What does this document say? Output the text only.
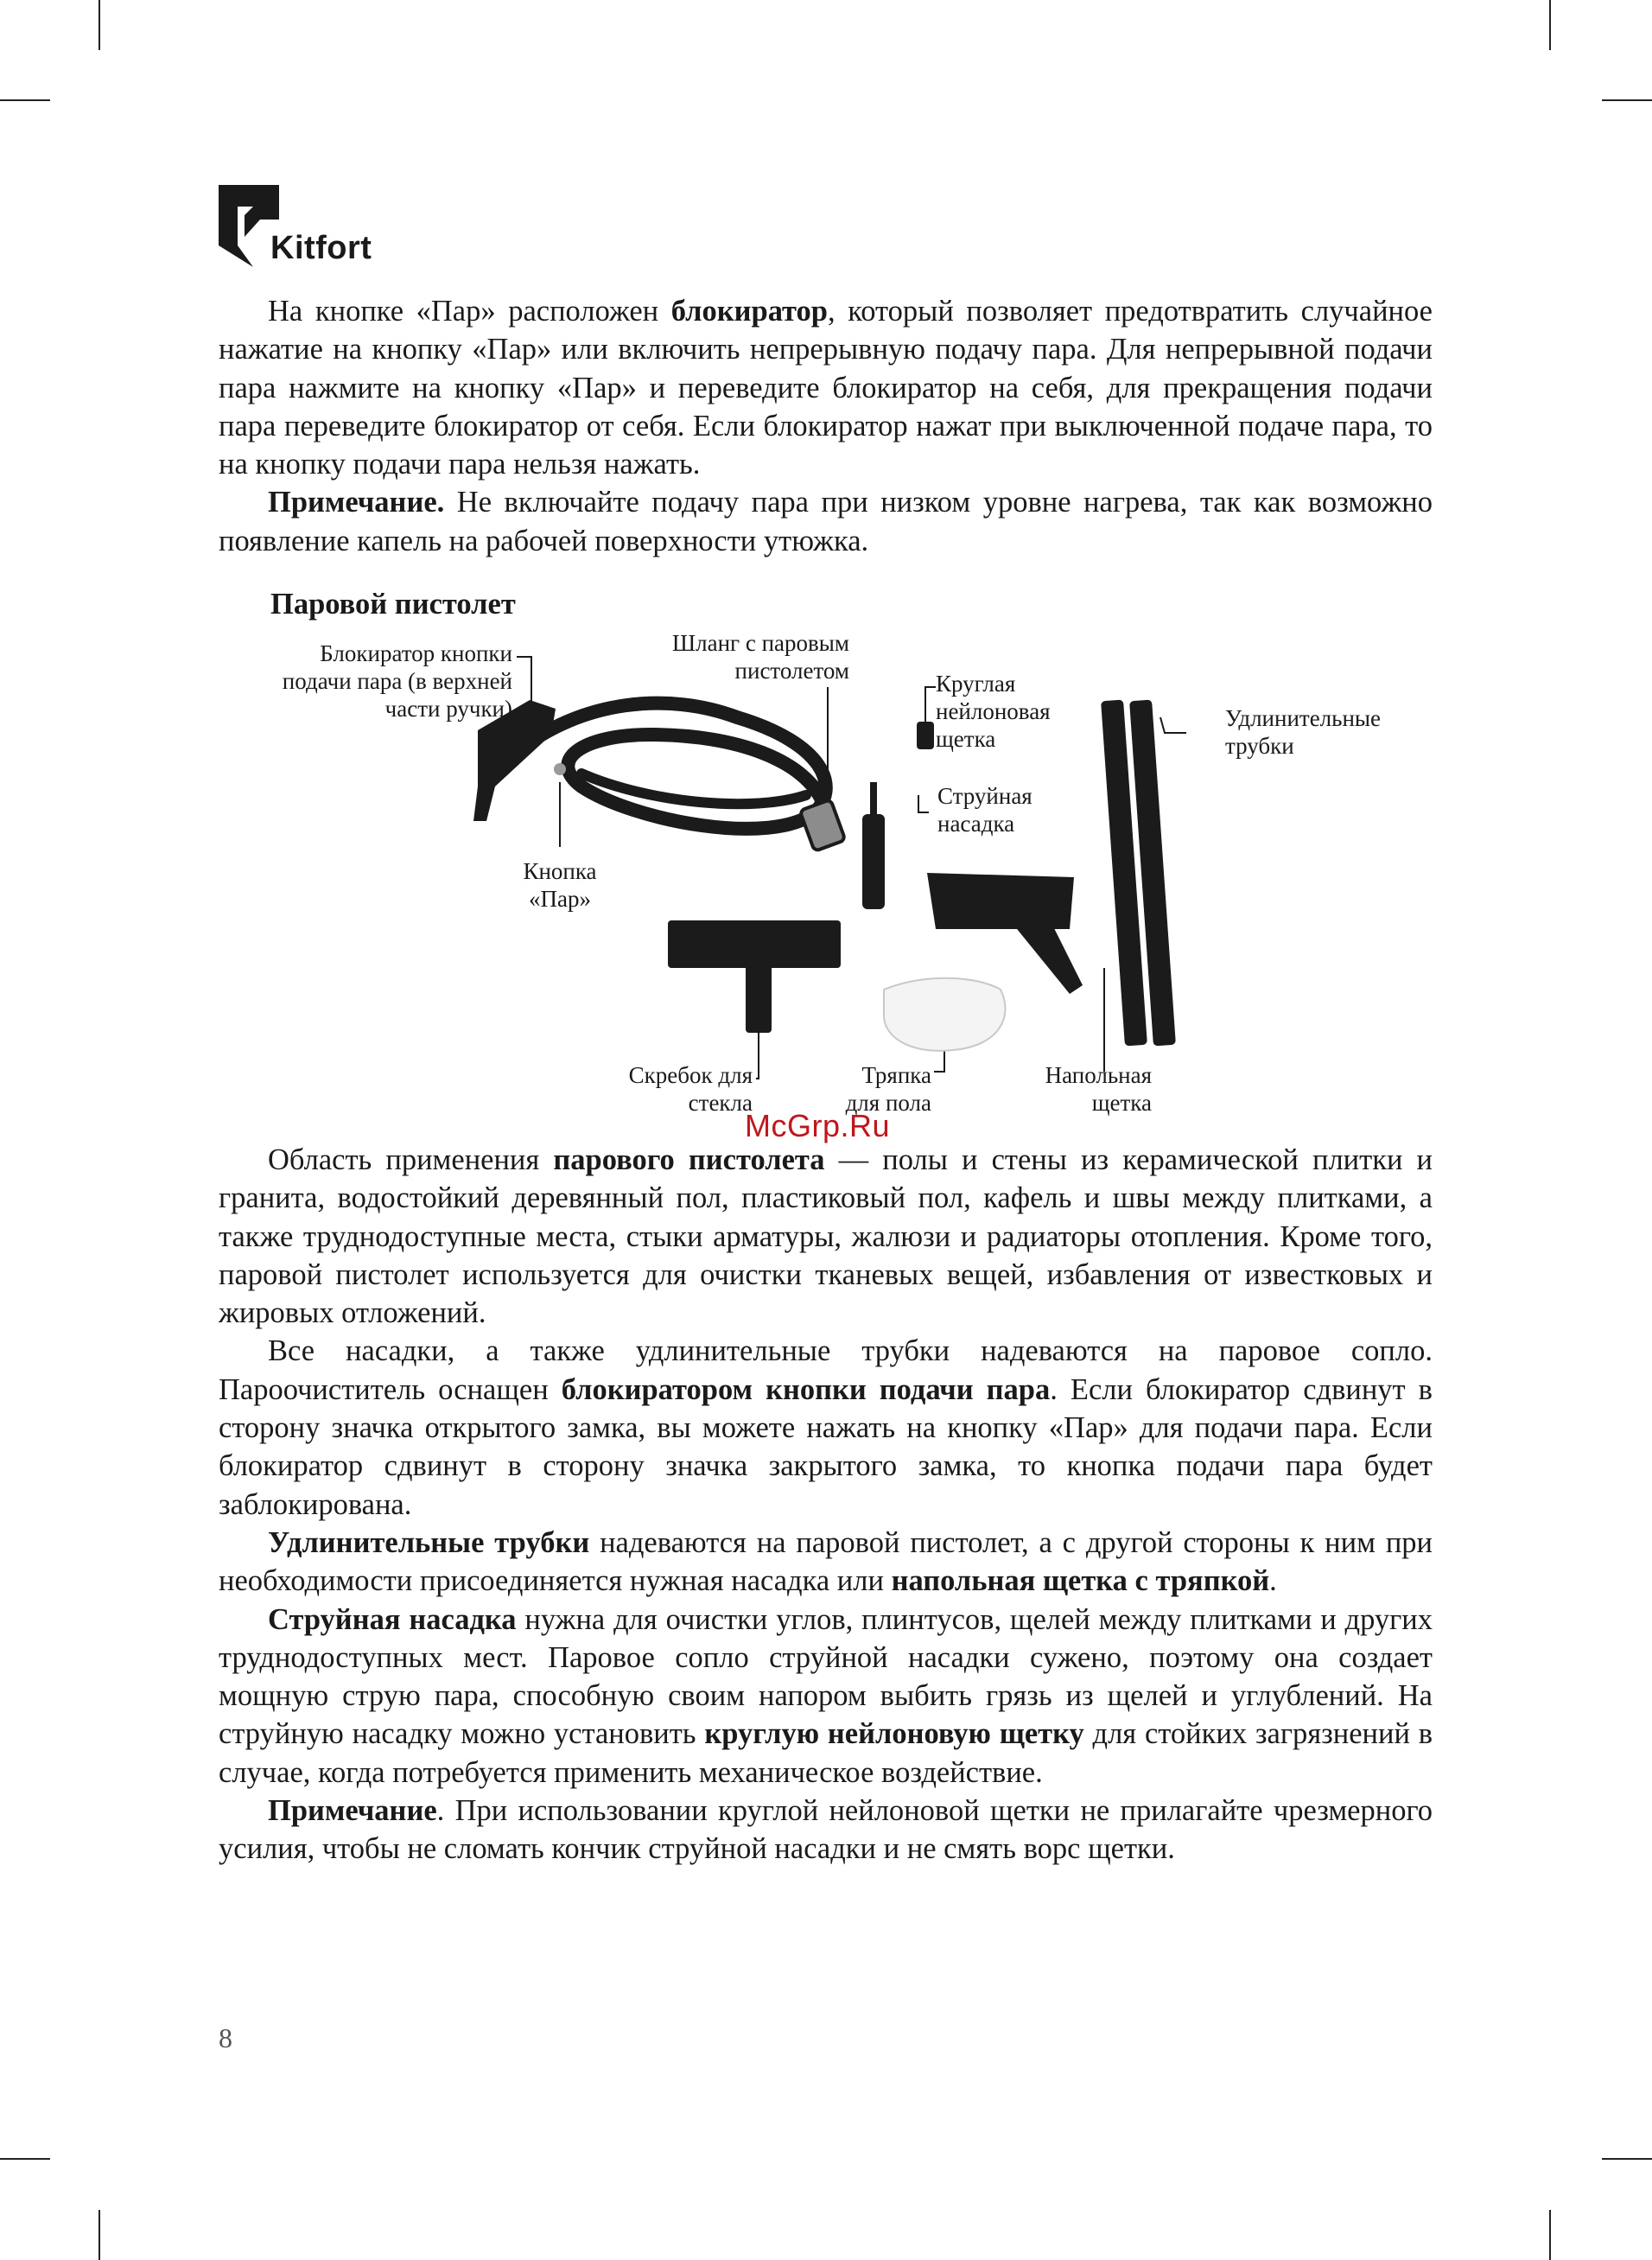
Kitfort

На кнопке «Пар» расположен блокиратор, который позволяет предотвратить случайное нажатие на кнопку «Пар» или включить непрерывную подачу пара. Для непрерывной подачи пара нажмите на кнопку «Пар» и переведите блокиратор на себя, для прекращения подачи пара переведите блокиратор от себя. Если блокиратор нажат при выключенной подаче пара, то на кнопку подачи пара нельзя нажать.

Примечание. Не включайте подачу пара при низком уровне нагрева, так как возможно появление капель на рабочей поверхности утюжка.

Паровой пистолет
Блокиратор кнопки подачи пара (в верхней части ручки)
Шланг с паровым пистолетом	Круглая нейлоновая щетка
Удлинительные трубки
Струйная насадка
Кнопка «Пар»
Скребок для стекла
Тряпка для пола
Напольная щетка
McGrp.Ru

Область применения парового пистолета — полы и стены из керамической плитки и гранита, водостойкий деревянный пол, пластиковый пол, кафель и швы между плитками, а также труднодоступные места, стыки арматуры, жалюзи и радиаторы отопления. Кроме того, паровой пистолет используется для очистки тканевых вещей, избавления от известковых и жировых отложений.

Все насадки, а также удлинительные трубки надеваются на паровое сопло. Пароочиститель оснащен блокиратором кнопки подачи пара. Если блокиратор сдвинут в сторону значка открытого замка, вы можете нажать на кнопку «Пар» для подачи пара. Если блокиратор сдвинут в сторону значка закрытого замка, то кнопка подачи пара будет заблокирована.

Удлинительные трубки надеваются на паровой пистолет, а с другой стороны к ним при необходимости присоединяется нужная насадка или напольная щетка с тряпкой.

Струйная насадка нужна для очистки углов, плинтусов, щелей между плитками и других труднодоступных мест. Паровое сопло струйной насадки сужено, поэтому она создает мощную струю пара, способную своим напором выбить грязь из щелей и углублений. На струйную насадку можно установить круглую нейлоновую щетку для стойких загрязнений в случае, когда потребуется применить механическое воздействие.

Примечание. При использовании круглой нейлоновой щетки не прилагайте чрезмерного усилия, чтобы не сломать кончик струйной насадки и не смять ворс щетки.

8
